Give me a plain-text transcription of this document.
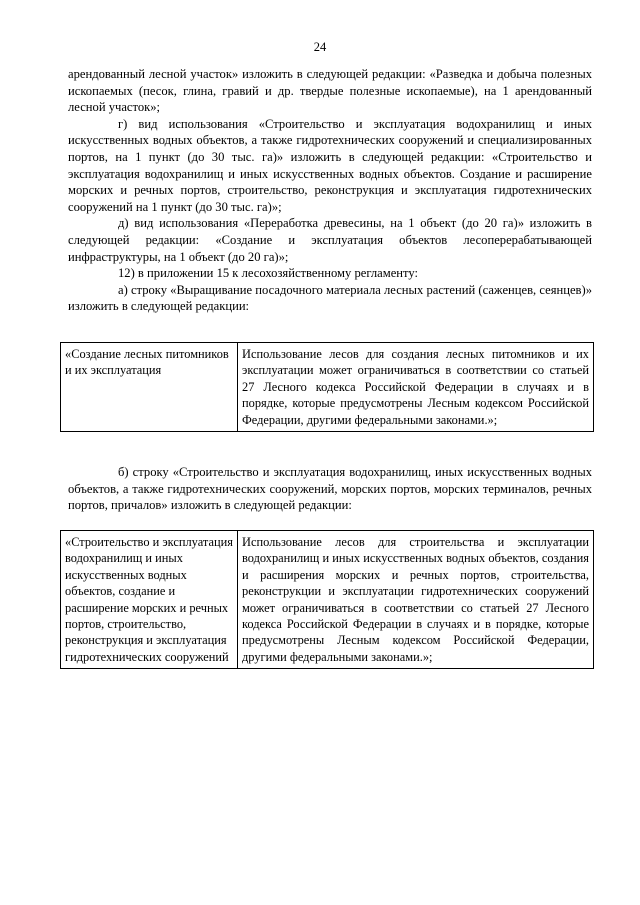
24

арендованный лесной участок» изложить в следующей редакции: «Разведка и добыча полезных ископаемых (песок, глина, гравий и др. твердые полезные ископаемые), на 1 арендованный лесной участок»;

г) вид использования «Строительство и эксплуатация водохранилищ и иных искусственных водных объектов, а также гидротехнических сооружений и специализированных портов, на 1 пункт (до 30 тыс. га)» изложить в следующей редакции: «Строительство и эксплуатация водохранилищ и иных искусственных водных объектов. Создание и расширение морских и речных портов, строительство, реконструкция и эксплуатация гидротехнических сооружений на 1 пункт (до 30 тыс. га)»;

д) вид использования «Переработка древесины, на 1 объект (до 20 га)» изложить в следующей редакции: «Создание и эксплуатация объектов лесоперерабатывающей инфраструктуры, на 1 объект (до 20 га)»;

12) в приложении 15 к лесохозяйственному регламенту:

а) строку «Выращивание посадочного материала лесных растений (саженцев, сеянцев)» изложить в следующей редакции:

«Создание лесных питомников и их эксплуатация	Использование лесов для создания лесных питомников и их эксплуатации может ограничиваться в соответствии со статьей 27 Лесного кодекса Российской Федерации в случаях и в порядке, которые предусмотрены Лесным кодексом Российской Федерации, другими федеральными законами.»;

б) строку «Строительство и эксплуатация водохранилищ, иных искусственных водных объектов, а также гидротехнических сооружений, морских портов, морских терминалов, речных портов, причалов» изложить в следующей редакции:

«Строительство и эксплуатация водохранилищ и иных искусственных водных объектов, создание и расширение морских и речных портов, строительство, реконструкция и эксплуатация гидротехнических сооружений	Использование лесов для строительства и эксплуатации водохранилищ и иных искусственных водных объектов, создания и расширения морских и речных портов, строительства, реконструкции и эксплуатации гидротехнических сооружений может ограничиваться в соответствии со статьей 27 Лесного кодекса Российской Федерации в случаях и в порядке, которые предусмотрены Лесным кодексом Российской Федерации, другими федеральными законами.»;
